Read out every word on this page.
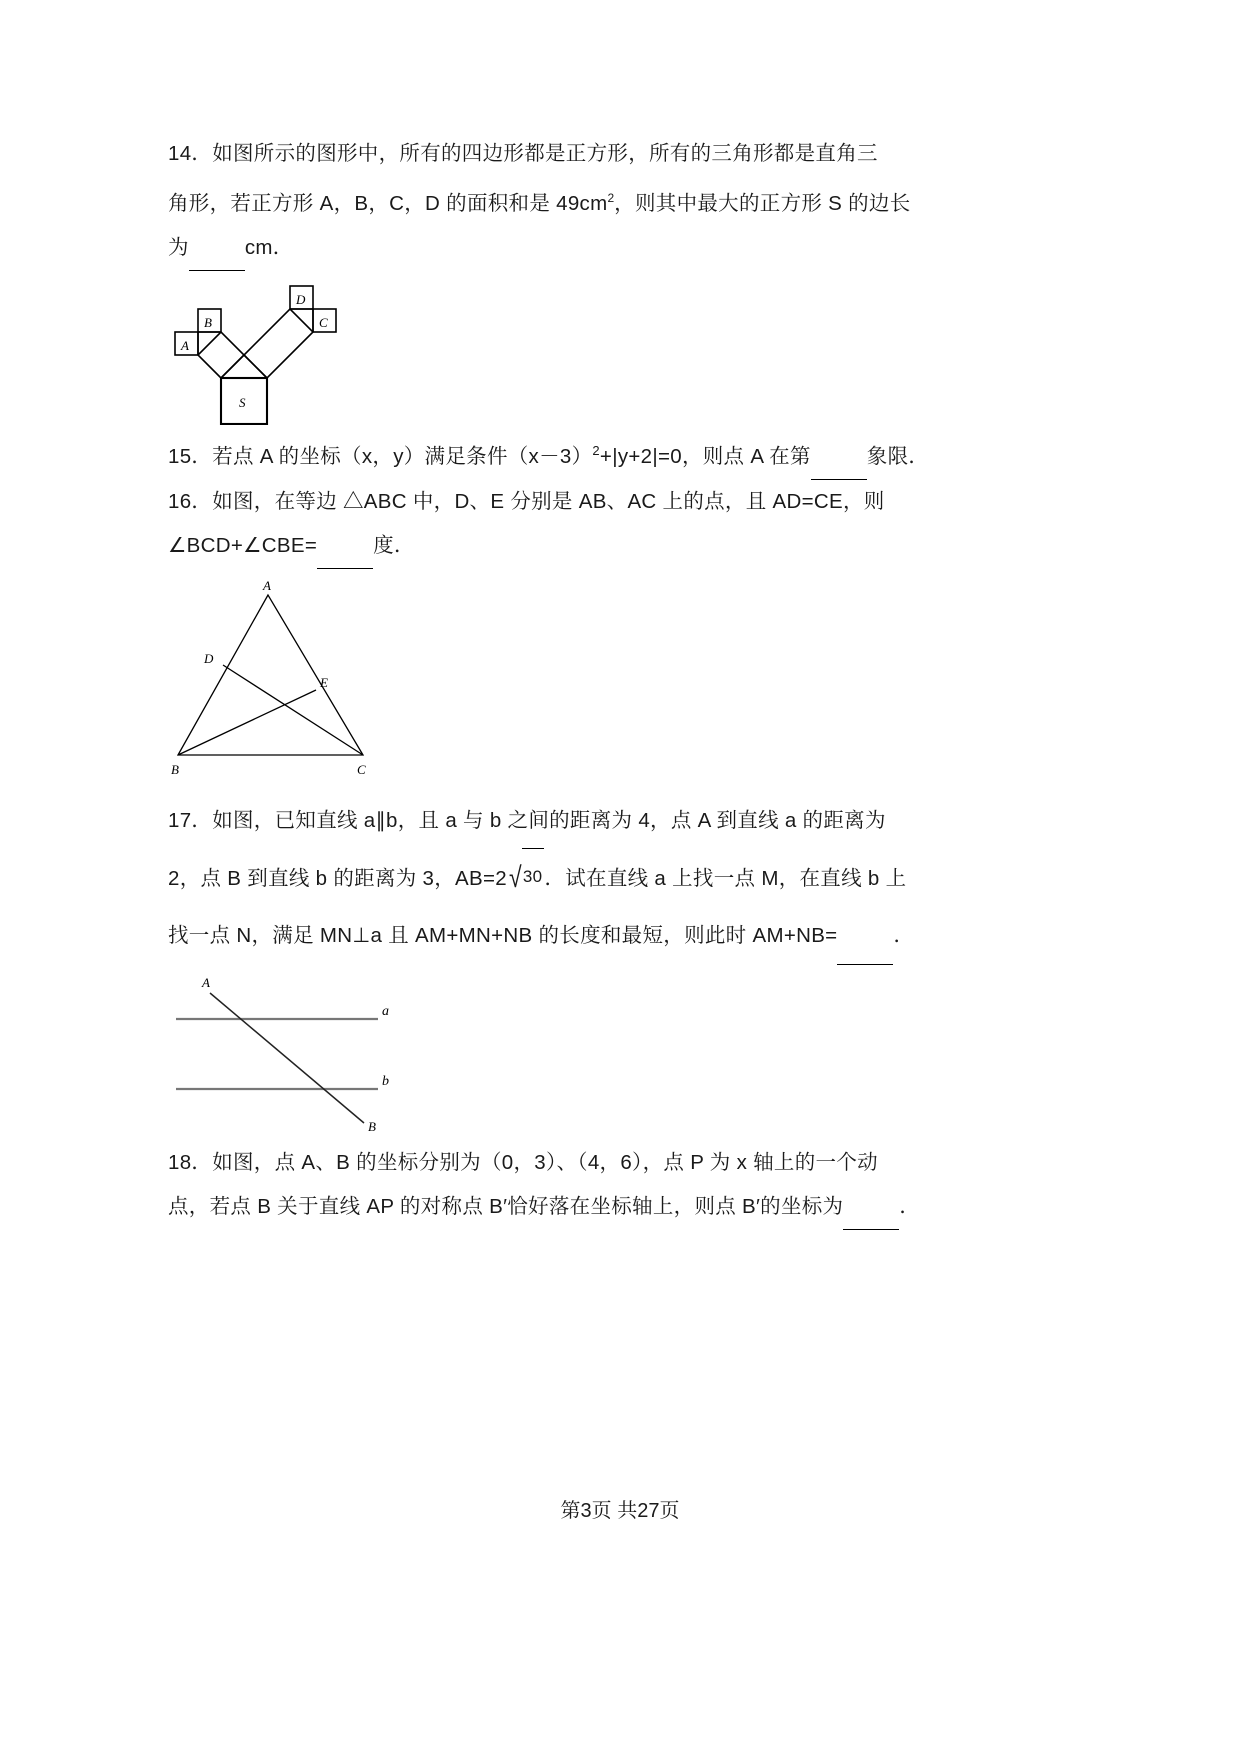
14．如图所示的图形中，所有的四边形都是正方形，所有的三角形都是直角三
角形，若正方形 A，B，C，D 的面积和是 $49cm^2$，则其中最大的正方形 S 的边长
为	cm．
S
A
B
D
C
15．若点 A 的坐标（x，y）满足条件$(x-3)^2+|y+2|=0$，则点 A 在第	象限．
16．如图，在等边 △ABC 中，D、E 分别是 AB、AC 上的点，且 AD=CE，则
∠BCD+∠CBE=	度．
A
D
E
B	C
17．如图，已知直线 a∥b，且 a 与 b 之间的距离为 4，点 A 到直线 a 的距离为
2，点 B 到直线 b 的距离为 3，AB=2√30．试在直线 a 上找一点 M，在直线 b 上
找一点 N，满足 MN⊥a 且 AM+MN+NB 的长度和最短，则此时 AM+NB=	．
A
a
b
B
18．如图，点 A、B 的坐标分别为（0，3）、（4，6），点 P 为 x 轴上的一个动
点，若点 B 关于直线 AP 的对称点 B′恰好落在坐标轴上，则点 B′的坐标为	．
第3页 共27页
